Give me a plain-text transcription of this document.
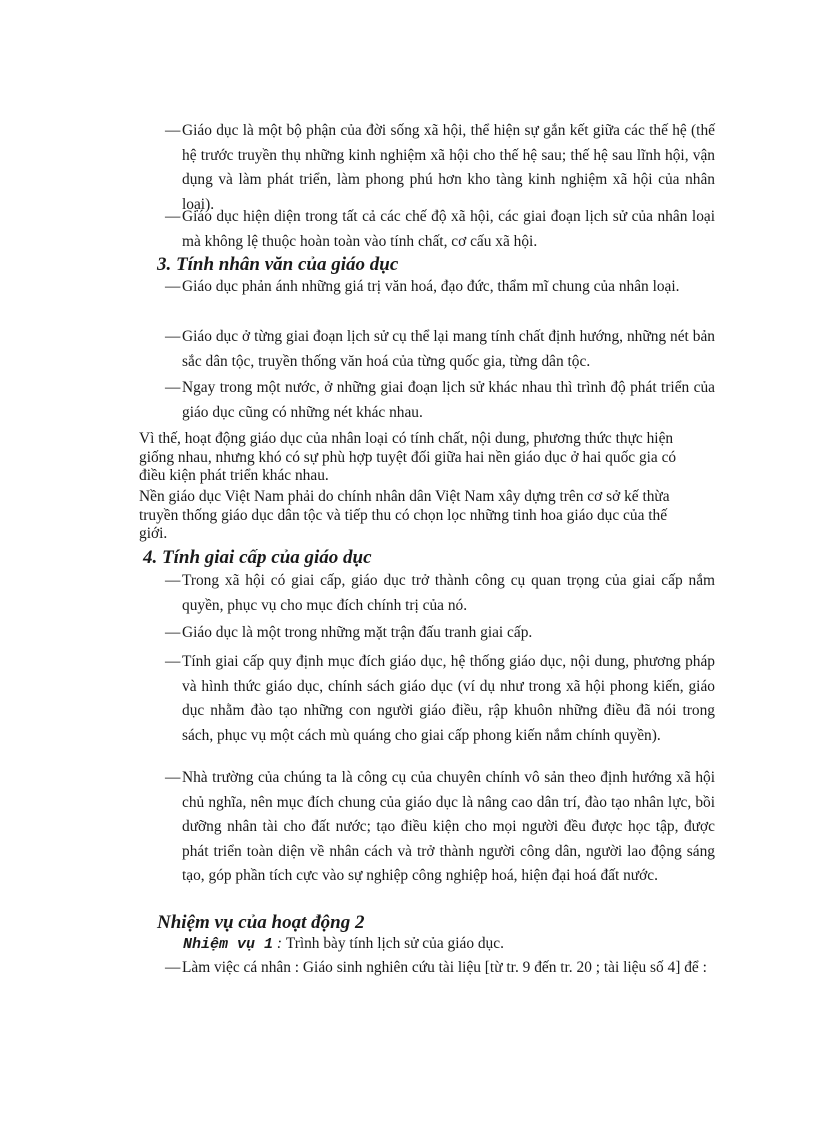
— Giáo dục là một bộ phận của đời sống xã hội, thể hiện sự gắn kết giữa các thế hệ (thế hệ trước truyền thụ những kinh nghiệm xã hội cho thế hệ sau; thế hệ sau lĩnh hội, vận dụng và làm phát triển, làm phong phú hơn kho tàng kinh nghiệm xã hội của nhân loại).
— Giáo dục hiện diện trong tất cả các chế độ xã hội, các giai đoạn lịch sử của nhân loại mà không lệ thuộc hoàn toàn vào tính chất, cơ cấu xã hội.
3. Tính nhân văn của giáo dục
— Giáo dục phản ánh những giá trị văn hoá, đạo đức, thẩm mĩ chung của nhân loại.
— Giáo dục ở từng giai đoạn lịch sử cụ thể lại mang tính chất định hướng, những nét bản sắc dân tộc, truyền thống văn hoá của từng quốc gia, từng dân tộc.
— Ngay trong một nước, ở những giai đoạn lịch sử khác nhau thì trình độ phát triển của giáo dục cũng có những nét khác nhau.
Vì thế, hoạt động giáo dục của nhân loại có tính chất, nội dung, phương thức thực hiện giống nhau, nhưng khó có sự phù hợp tuyệt đối giữa hai nền giáo dục ở hai quốc gia có điều kiện phát triển khác nhau.
Nền giáo dục Việt Nam phải do chính nhân dân Việt Nam xây dựng trên cơ sở kế thừa truyền thống giáo dục dân tộc và tiếp thu có chọn lọc những tinh hoa giáo dục của thế giới.
4. Tính giai cấp của giáo dục
— Trong xã hội có giai cấp, giáo dục trở thành công cụ quan trọng của giai cấp nắm quyền, phục vụ cho mục đích chính trị của nó.
— Giáo dục là một trong những mặt trận đấu tranh giai cấp.
— Tính giai cấp quy định mục đích giáo dục, hệ thống giáo dục, nội dung, phương pháp và hình thức giáo dục, chính sách giáo dục (ví dụ như trong xã hội phong kiến, giáo dục nhằm đào tạo những con người giáo điều, rập khuôn những điều đã nói trong sách, phục vụ một cách mù quáng cho giai cấp phong kiến nắm chính quyền).
— Nhà trường của chúng ta là công cụ của chuyên chính vô sản theo định hướng xã hội chủ nghĩa, nên mục đích chung của giáo dục là nâng cao dân trí, đào tạo nhân lực, bồi dưỡng nhân tài cho đất nước; tạo điều kiện cho mọi người đều được học tập, được phát triển toàn diện về nhân cách và trở thành người công dân, người lao động sáng tạo, góp phần tích cực vào sự nghiệp công nghiệp hoá, hiện đại hoá đất nước.
Nhiệm vụ của hoạt động 2
Nhiệm vụ 1 : Trình bày tính lịch sử của giáo dục.
— Làm việc cá nhân : Giáo sinh nghiên cứu tài liệu [từ tr. 9 đến tr. 20 ; tài liệu số 4] để :
